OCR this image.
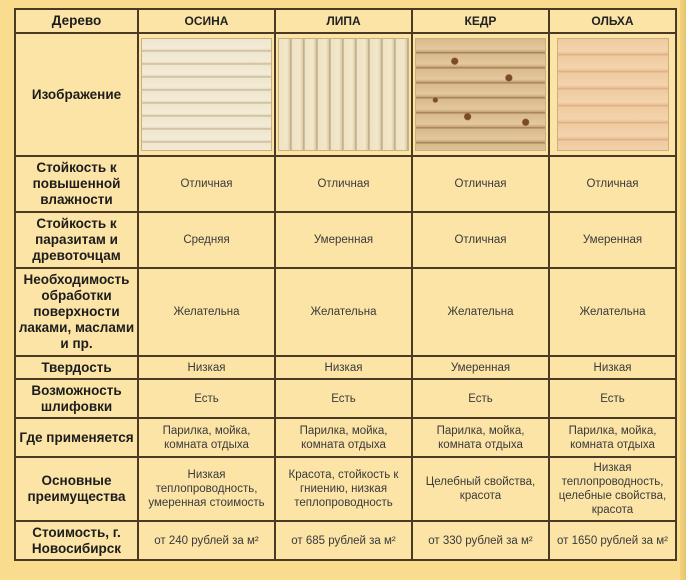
Дерево	ОСИНА	ЛИПА	КЕДР	ОЛЬХА
Изображение	

Стойкость к повышенной влажности	Отличная	Отличная	Отличная	Отличная
Стойкость к паразитам и древоточцам	Средняя	Умеренная	Отличная	Умеренная
Необходимость обработки поверхности лаками, маслами и пр.	Желательна	Желательна	Желательна	Желательна
Твердость	Низкая	Низкая	Умеренная	Низкая
Возможность шлифовки	Есть	Есть	Есть	Есть
Где применяется	Парилка, мойка, комната отдыха	Парилка, мойка, комната отдыха	Парилка, мойка, комната отдыха	Парилка, мойка, комната отдыха
Основные преимущества	Низкая теплопроводность, умеренная стоимость	Красота, стойкость к гниению, низкая теплопроводность	Целебный свойства, красота	Низкая теплопроводность, целебные свойства, красота
Стоимость, г. Новосибирск	от 240 рублей за м²	от 685 рублей за м²	от 330 рублей за м²	от 1650 рублей за м²
